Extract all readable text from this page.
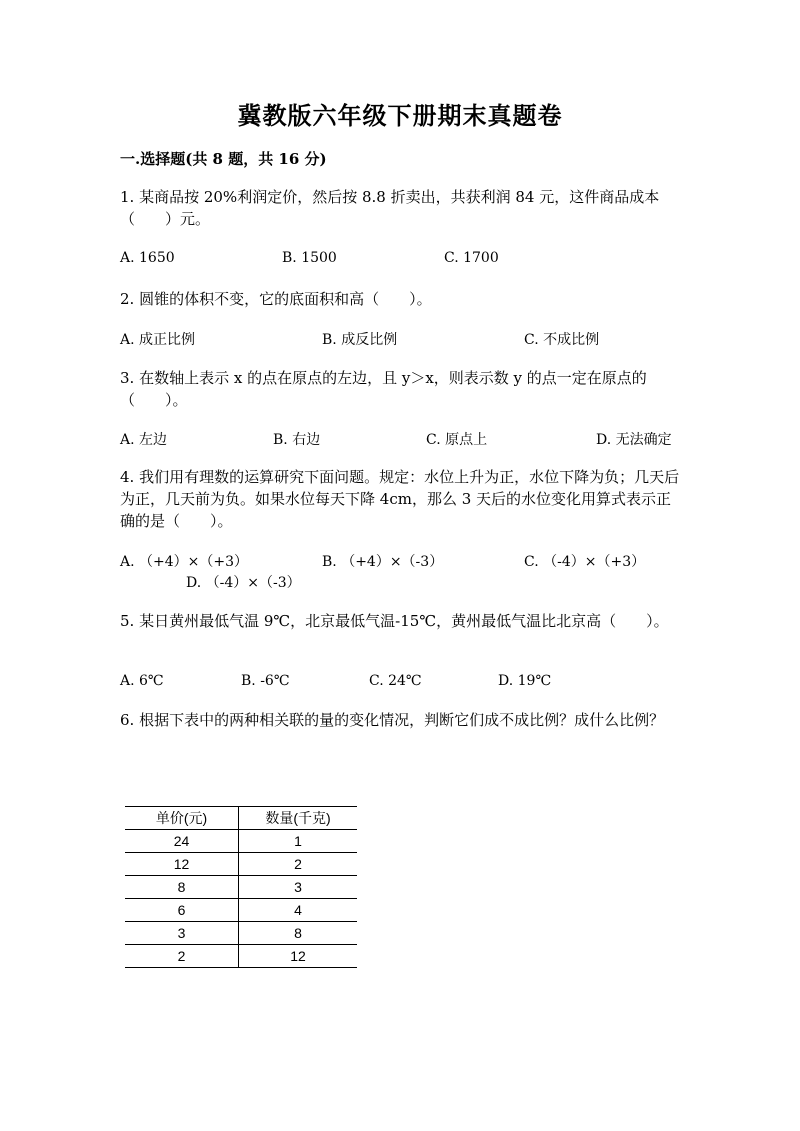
冀教版六年级下册期末真题卷
一.选择题(共 8 题，共 16 分)
1. 某商品按 20%利润定价，然后按 8.8 折卖出，共获利润 84 元，这件商品成本（　　）元。
A. 1650	B. 1500	C. 1700
2. 圆锥的体积不变，它的底面积和高（　　）。
A. 成正比例	B. 成反比例	C. 不成比例
3. 在数轴上表示 x 的点在原点的左边，且 y＞x，则表示数 y 的点一定在原点的（　　）。
A. 左边	B. 右边	C. 原点上	D. 无法确定
4. 我们用有理数的运算研究下面问题。规定：水位上升为正，水位下降为负；几天后为正，几天前为负。如果水位每天下降 4cm，那么 3 天后的水位变化用算式表示正确的是（　　）。
A. （+4）×（+3）	B. （+4）×（-3）	C. （-4）×（+3）
D. （-4）×（-3）
5. 某日黄州最低气温 9℃，北京最低气温-15℃，黄州最低气温比北京高（　　）。
A. 6℃	B. -6℃	C. 24℃	D. 19℃
6. 根据下表中的两种相关联的量的变化情况，判断它们成不成比例？成什么比例？
单价(元)	数量(千克)
24	1
12	2
8	3
6	4
3	8
2	12
